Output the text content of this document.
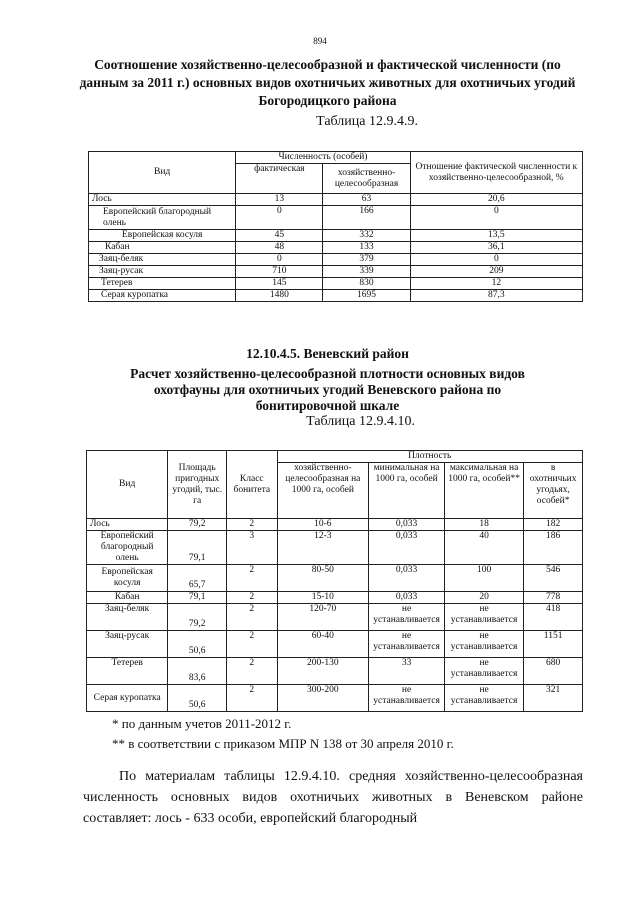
894
Соотношение хозяйственно-целесообразной и фактической численности (по данным за 2011 г.) основных видов охотничьих животных для охотничьих угодий Богородицкого района
Таблица 12.9.4.9.
Вид	Численность (особей)		Отношение фактической численности к хозяйственно-целесообразной, %
	фактическая	хозяйственно-целесообразная	
Лось	13	63	20,6
Европейский благородный олень	0	166	0
Европейская косуля	45	332	13,5
Кабан	48	133	36,1
Заяц-беляк	0	379	0
Заяц-русак	710	339	209
Тетерев	145	830	12
Серая куропатка	1480	1695	87,3
12.10.4.5. Веневский район
Расчет хозяйственно-целесообразной плотности основных видов охотфауны для охотничьих угодий Веневского района по бонитировочной шкале
Таблица 12.9.4.10.
Вид	Площадь пригодных угодий, тыс. га	Класс бонитета	Плотность			
			хозяйственно-целесообразная на 1000 га, особей	минимальная на 1000 га, особей	максимальная на 1000 га, особей**	в охотничьих угодьях, особей*
Лось	79,2	2	10-6	0,033	18	182
Европейский благородный олень	79,1	3	12-3	0,033	40	186
Европейская косуля	65,7	2	80-50	0,033	100	546
Кабан	79,1	2	15-10	0,033	20	778
Заяц-беляк	79,2	2	120-70	не устанавливается	не устанавливается	418
Заяц-русак	50,6	2	60-40	не устанавливается	не устанавливается	1151
Тетерев	83,6	2	200-130	33	не устанавливается	680
Серая куропатка	50,6	2	300-200	не устанавливается	не устанавливается	321
* по данным учетов 2011-2012 г.
** в соответствии с приказом МПР N 138 от 30 апреля 2010 г.
По материалам таблицы 12.9.4.10. средняя хозяйственно-целесообразная численность основных видов охотничьих животных в Веневском районе составляет: лось - 633 особи, европейский благородный
